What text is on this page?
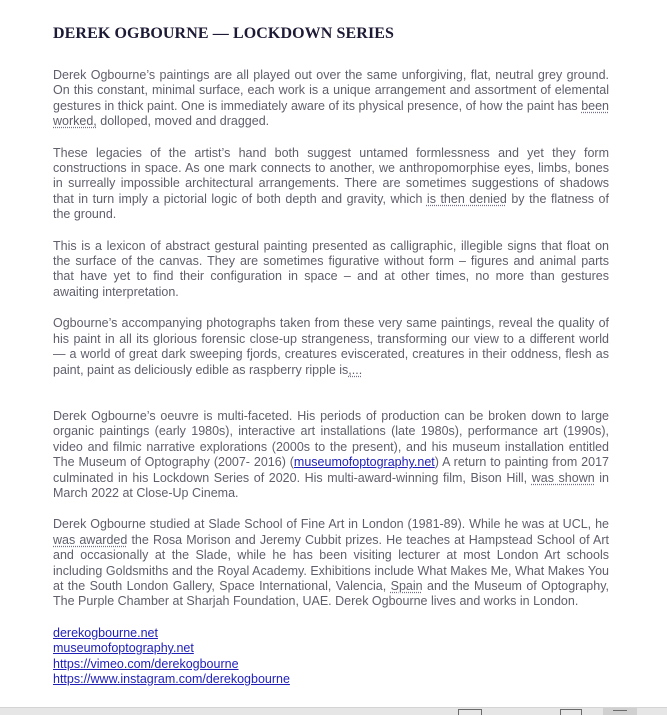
DEREK OGBOURNE — LOCKDOWN SERIES

Derek Ogbourne’s paintings are all played out over the same unforgiving, flat, neutral grey ground. On this constant, minimal surface, each work is a unique arrangement and assortment of elemental gestures in thick paint. One is immediately aware of its physical presence, of how the paint has been worked, dolloped, moved and dragged.

These legacies of the artist’s hand both suggest untamed formlessness and yet they form constructions in space. As one mark connects to another, we anthropomorphise eyes, limbs, bones in surreally impossible architectural arrangements. There are sometimes suggestions of shadows that in turn imply a pictorial logic of both depth and gravity, which is then denied by the flatness of the ground.

This is a lexicon of abstract gestural painting presented as calligraphic, illegible signs that float on the surface of the canvas. They are sometimes figurative without form – figures and animal parts that have yet to find their configuration in space – and at other times, no more than gestures awaiting interpretation.

Ogbourne’s accompanying photographs taken from these very same paintings, reveal the quality of his paint in all its glorious forensic close-up strangeness, transforming our view to a different world — a world of great dark sweeping fjords, creatures eviscerated, creatures in their oddness, flesh as paint, paint as deliciously edible as raspberry ripple is,...

Derek Ogbourne’s oeuvre is multi-faceted. His periods of production can be broken down to large organic paintings (early 1980s), interactive art installations (late 1980s), performance art (1990s), video and filmic narrative explorations (2000s to the present), and his museum installation entitled The Museum of Optography (2007- 2016) (museumofoptography.net) A return to painting from 2017 culminated in his Lockdown Series of 2020. His multi-award-winning film, Bison Hill, was shown in March 2022 at Close-Up Cinema.

Derek Ogbourne studied at Slade School of Fine Art in London (1981-89). While he was at UCL, he was awarded the Rosa Morison and Jeremy Cubbit prizes. He teaches at Hampstead School of Art and occasionally at the Slade, while he has been visiting lecturer at most London Art schools including Goldsmiths and the Royal Academy. Exhibitions include What Makes Me, What Makes You at the South London Gallery, Space International, Valencia, Spain and the Museum of Optography, The Purple Chamber at Sharjah Foundation, UAE. Derek Ogbourne lives and works in London.

derekogbourne.net
museumofoptography.net
https://vimeo.com/derekogbourne
https://www.instagram.com/derekogbourne
